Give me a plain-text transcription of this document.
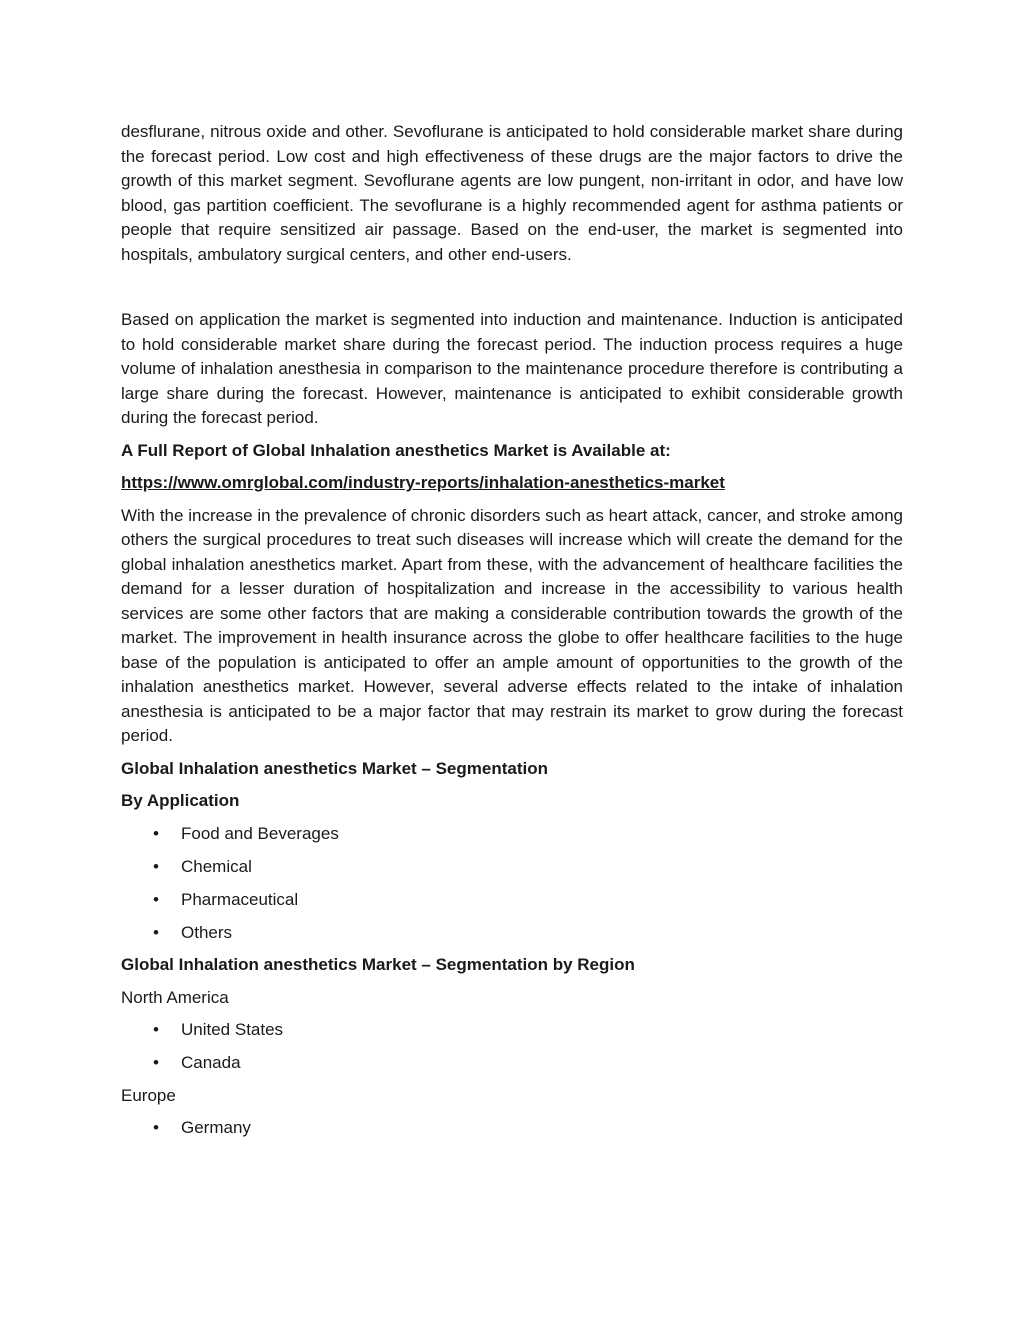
desflurane, nitrous oxide and other. Sevoflurane is anticipated to hold considerable market share during the forecast period. Low cost and high effectiveness of these drugs are the major factors to drive the growth of this market segment. Sevoflurane agents are low pungent, non-irritant in odor, and have low blood, gas partition coefficient. The sevoflurane is a highly recommended agent for asthma patients or people that require sensitized air passage. Based on the end-user, the market is segmented into hospitals, ambulatory surgical centers, and other end-users.

Based on application the market is segmented into induction and maintenance. Induction is anticipated to hold considerable market share during the forecast period. The induction process requires a huge volume of inhalation anesthesia in comparison to the maintenance procedure therefore is contributing a large share during the forecast. However, maintenance is anticipated to exhibit considerable growth during the forecast period.

A Full Report of Global Inhalation anesthetics Market is Available at:

https://www.omrglobal.com/industry-reports/inhalation-anesthetics-market

With the increase in the prevalence of chronic disorders such as heart attack, cancer, and stroke among others the surgical procedures to treat such diseases will increase which will create the demand for the global inhalation anesthetics market. Apart from these, with the advancement of healthcare facilities the demand for a lesser duration of hospitalization and increase in the accessibility to various health services are some other factors that are making a considerable contribution towards the growth of the market. The improvement in health insurance across the globe to offer healthcare facilities to the huge base of the population is anticipated to offer an ample amount of opportunities to the growth of the inhalation anesthetics market. However, several adverse effects related to the intake of inhalation anesthesia is anticipated to be a major factor that may restrain its market to grow during the forecast period.

Global Inhalation anesthetics Market – Segmentation

By Application

• Food and Beverages
• Chemical
• Pharmaceutical
• Others

Global Inhalation anesthetics Market – Segmentation by Region

North America

• United States
• Canada

Europe

• Germany
